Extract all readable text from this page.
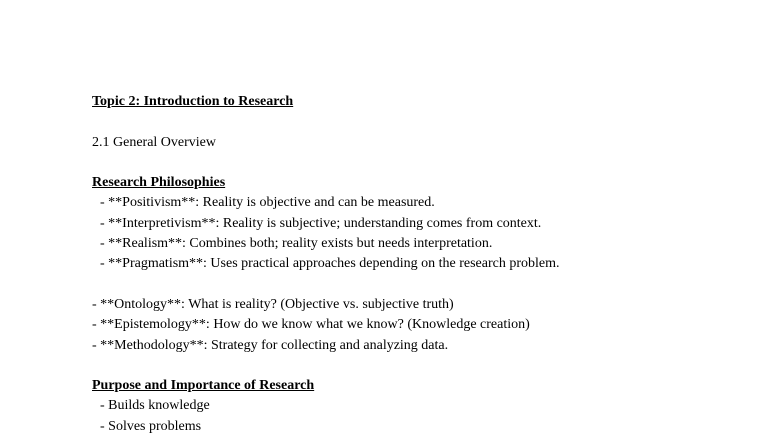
Topic 2: Introduction to Research
2.1 General Overview
Research Philosophies
- **Positivism**: Reality is objective and can be measured.
- **Interpretivism**: Reality is subjective; understanding comes from context.
- **Realism**: Combines both; reality exists but needs interpretation.
- **Pragmatism**: Uses practical approaches depending on the research problem.
- **Ontology**: What is reality? (Objective vs. subjective truth)
- **Epistemology**: How do we know what we know? (Knowledge creation)
- **Methodology**: Strategy for collecting and analyzing data.
Purpose and Importance of Research
- Builds knowledge
- Solves problems
